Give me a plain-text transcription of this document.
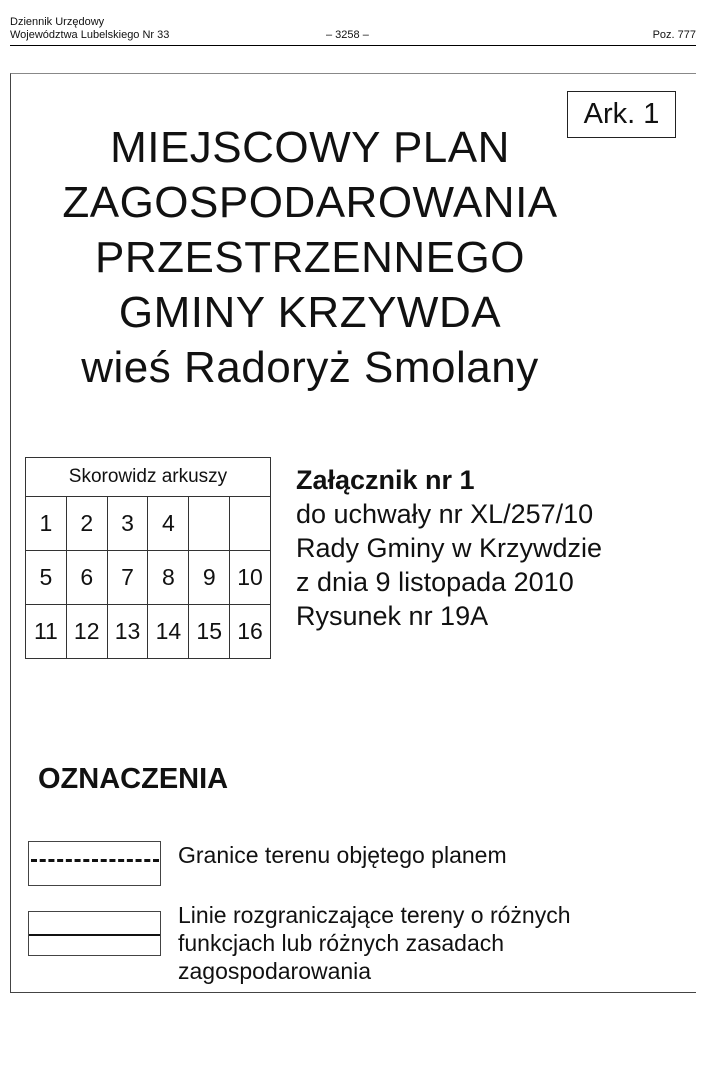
Dziennik Urzędowy
Województwa Lubelskiego Nr 33	– 3258 –	Poz. 777
Ark. 1
MIEJSCOWY PLAN
ZAGOSPODAROWANIA
PRZESTRZENNEGO
GMINY KRZYWDA
wieś Radoryż Smolany
Skorowidz arkuszy					
1	2	3	4		
5	6	7	8	9	10
11	12	13	14	15	16
Załącznik nr 1
do uchwały nr XL/257/10
Rady Gminy w Krzywdzie
z dnia 9 listopada 2010
Rysunek nr 19A
OZNACZENIA
Granice terenu objętego planem
Linie rozgraniczające tereny o różnych
funkcjach lub różnych zasadach
zagospodarowania
